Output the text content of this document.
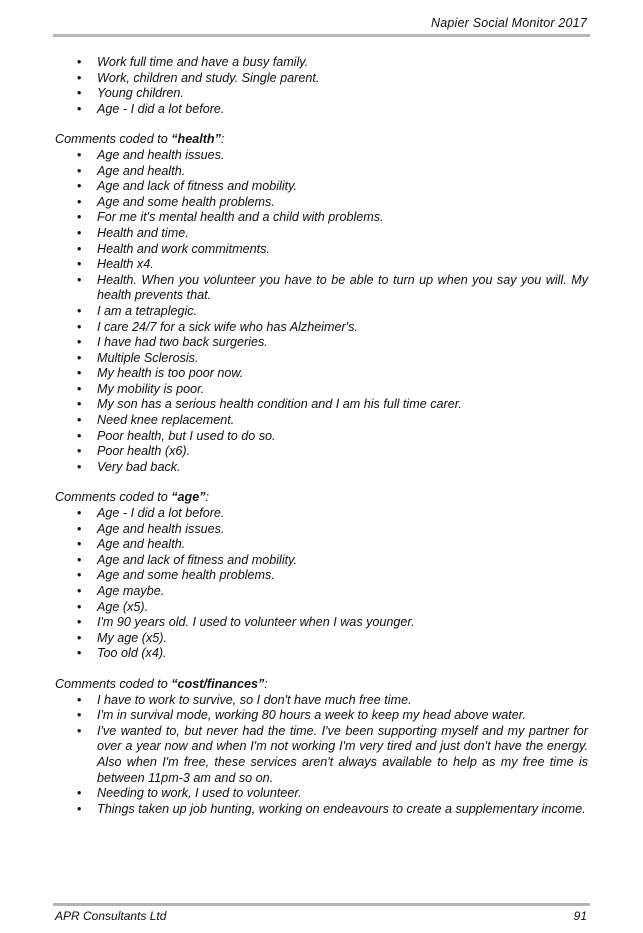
Napier Social Monitor 2017
• Work full time and have a busy family.
• Work, children and study. Single parent.
• Young children.
• Age - I did a lot before.
Comments coded to “health”:
• Age and health issues.
• Age and health.
• Age and lack of fitness and mobility.
• Age and some health problems.
• For me it's mental health and a child with problems.
• Health and time.
• Health and work commitments.
• Health x4.
• Health. When you volunteer you have to be able to turn up when you say you will. My health prevents that.
• I am a tetraplegic.
• I care 24/7 for a sick wife who has Alzheimer's.
• I have had two back surgeries.
• Multiple Sclerosis.
• My health is too poor now.
• My mobility is poor.
• My son has a serious health condition and I am his full time carer.
• Need knee replacement.
• Poor health, but I used to do so.
• Poor health (x6).
• Very bad back.
Comments coded to “age”:
• Age - I did a lot before.
• Age and health issues.
• Age and health.
• Age and lack of fitness and mobility.
• Age and some health problems.
• Age maybe.
• Age (x5).
• I'm 90 years old. I used to volunteer when I was younger.
• My age (x5).
• Too old (x4).
Comments coded to “cost/finances”:
• I have to work to survive, so I don't have much free time.
• I'm in survival mode, working 80 hours a week to keep my head above water.
• I've wanted to, but never had the time. I've been supporting myself and my partner for over a year now and when I'm not working I'm very tired and just don't have the energy. Also when I'm free, these services aren't always available to help as my free time is between 11pm-3 am and so on.
• Needing to work, I used to volunteer.
• Things taken up job hunting, working on endeavours to create a supplementary income.
APR Consultants Ltd	91
